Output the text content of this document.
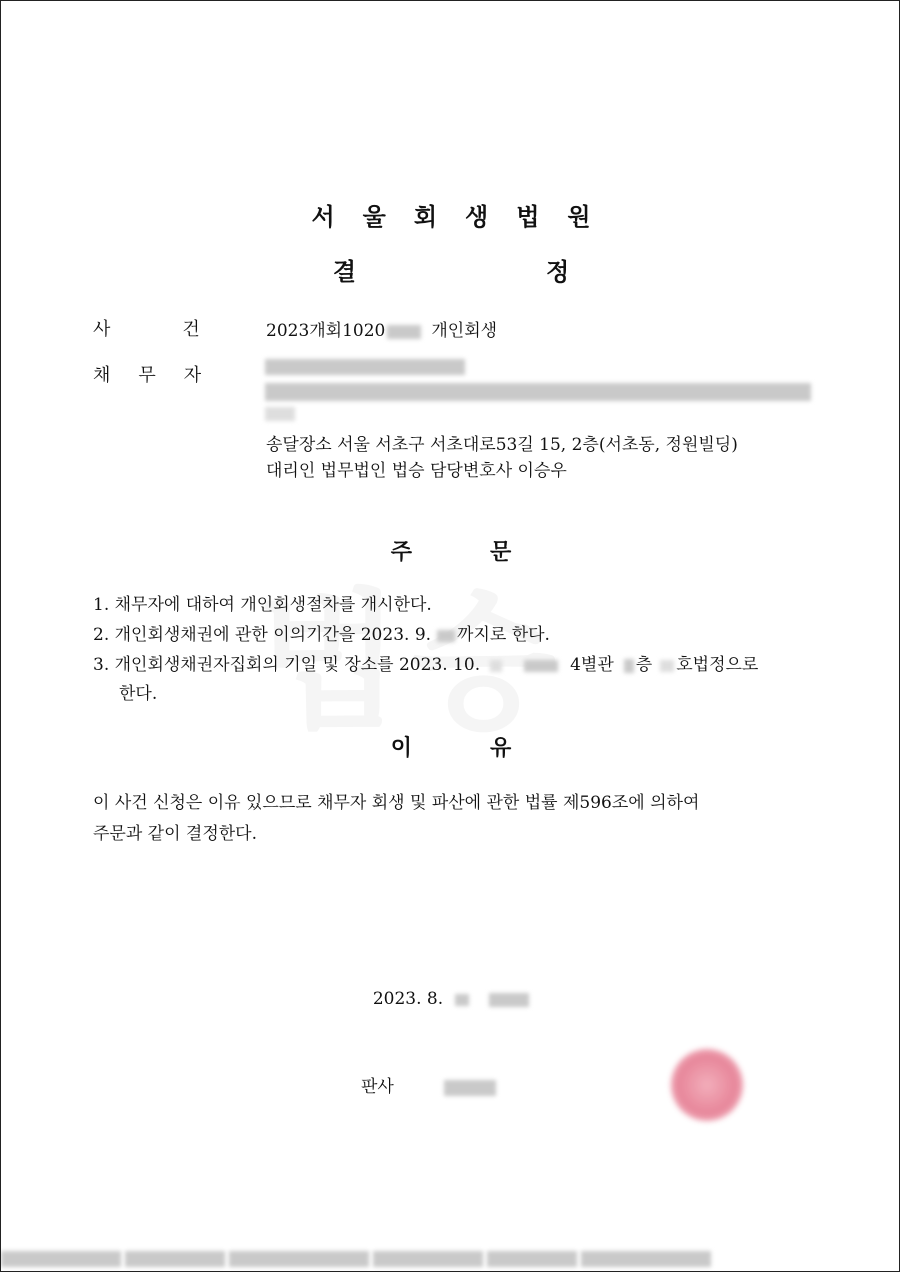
서 울 회 생 법 원
결	정
사	건	2023개회1020	개인회생
채 무 자
송달장소 서울 서초구 서초대로53길 15, 2층(서초동, 정원빌딩)
대리인 법무법인 법승 담당변호사 이승우
주	문
1. 채무자에 대하여 개인회생절차를 개시한다.
2. 개인회생채권에 관한 이의기간을 2023. 9. 까지로 한다.
3. 개인회생채권자집회의 기일 및 장소를 2023. 10.	4별관 층 호법정으로
한다.
이	유
이 사건 신청은 이유 있으므로 채무자 회생 및 파산에 관한 법률 제596조에 의하여
주문과 같이 결정한다.
2023. 8.
판사
